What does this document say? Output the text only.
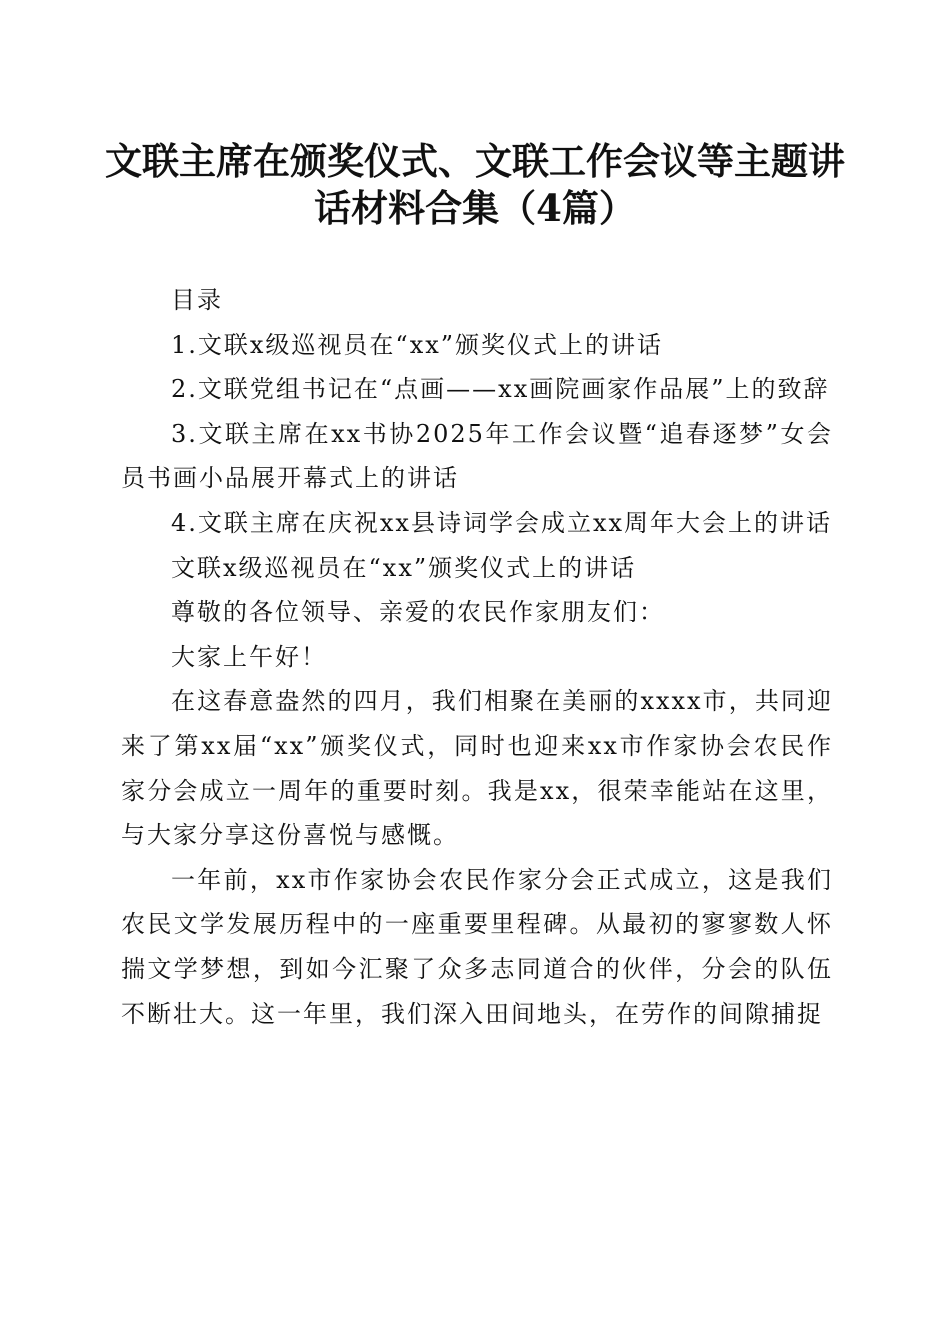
文联主席在颁奖仪式、文联工作会议等主题讲
话材料合集（4篇）

目录

1.文联x级巡视员在“xx”颁奖仪式上的讲话

2.文联党组书记在“点画——xx画院画家作品展”上的致辞

3.文联主席在xx书协2025年工作会议暨“追春逐梦”女会员书画小品展开幕式上的讲话

4.文联主席在庆祝xx县诗词学会成立xx周年大会上的讲话

文联x级巡视员在“xx”颁奖仪式上的讲话

尊敬的各位领导、亲爱的农民作家朋友们：

大家上午好！

在这春意盎然的四月，我们相聚在美丽的xxxx市，共同迎来了第xx届“xx”颁奖仪式，同时也迎来xx市作家协会农民作家分会成立一周年的重要时刻。我是xx，很荣幸能站在这里，与大家分享这份喜悦与感慨。

一年前，xx市作家协会农民作家分会正式成立，这是我们农民文学发展历程中的一座重要里程碑。从最初的寥寥数人怀揣文学梦想，到如今汇聚了众多志同道合的伙伴，分会的队伍不断壮大。这一年里，我们深入田间地头，在劳作的间隙捕捉
